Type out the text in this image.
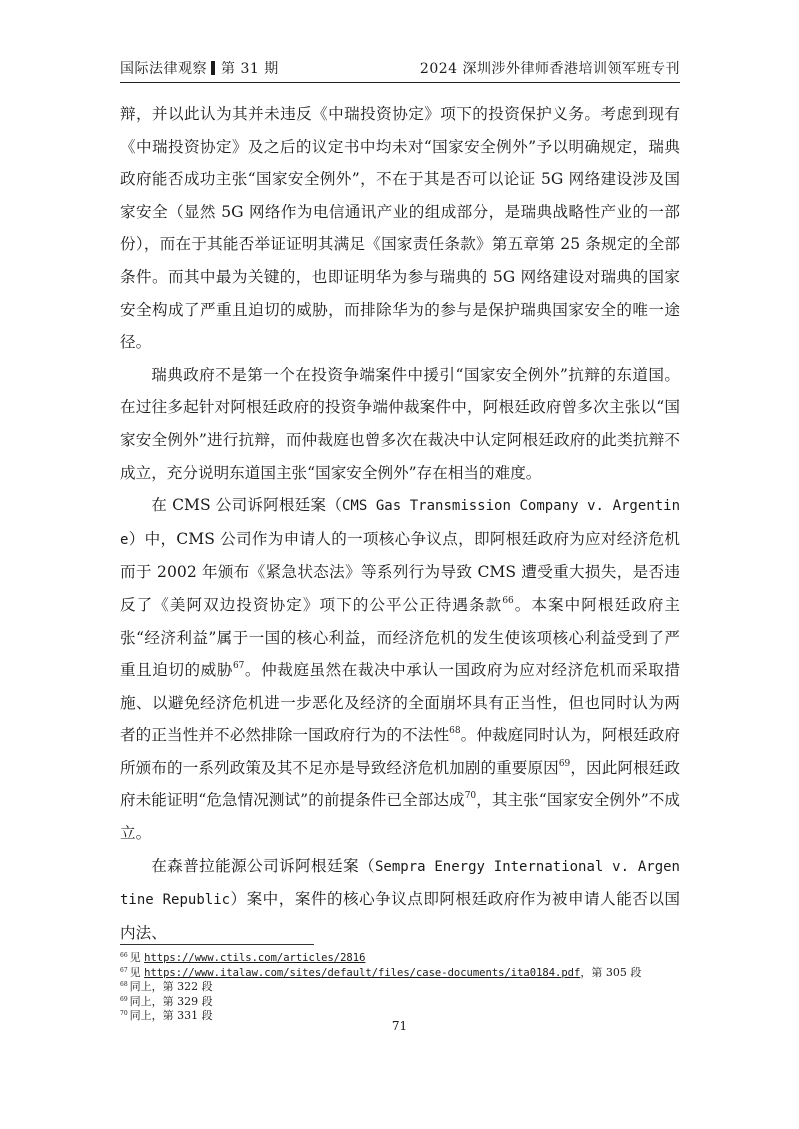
国际法律观察 第 31 期	2024 深圳涉外律师香港培训领军班专刊

辩，并以此认为其并未违反《中瑞投资协定》项下的投资保护义务。考虑到现有《中瑞投资协定》及之后的议定书中均未对“国家安全例外”予以明确规定，瑞典政府能否成功主张“国家安全例外”，不在于其是否可以论证 5G 网络建设涉及国家安全（显然 5G 网络作为电信通讯产业的组成部分，是瑞典战略性产业的一部份），而在于其能否举证证明其满足《国家责任条款》第五章第 25 条规定的全部条件。而其中最为关键的，也即证明华为参与瑞典的 5G 网络建设对瑞典的国家安全构成了严重且迫切的威胁，而排除华为的参与是保护瑞典国家安全的唯一途径。

瑞典政府不是第一个在投资争端案件中援引“国家安全例外”抗辩的东道国。在过往多起针对阿根廷政府的投资争端仲裁案件中，阿根廷政府曾多次主张以“国家安全例外”进行抗辩，而仲裁庭也曾多次在裁决中认定阿根廷政府的此类抗辩不成立，充分说明东道国主张“国家安全例外”存在相当的难度。

在 CMS 公司诉阿根廷案（CMS Gas Transmission Company v. Argentine）中，CMS 公司作为申请人的一项核心争议点，即阿根廷政府为应对经济危机而于 2002 年颁布《紧急状态法》等系列行为导致 CMS 遭受重大损失，是否违反了《美阿双边投资协定》项下的公平公正待遇条款$^{66}$。本案中阿根廷政府主张“经济利益”属于一国的核心利益，而经济危机的发生使该项核心利益受到了严重且迫切的威胁$^{67}$。仲裁庭虽然在裁决中承认一国政府为应对经济危机而采取措施、以避免经济危机进一步恶化及经济的全面崩坏具有正当性，但也同时认为两者的正当性并不必然排除一国政府行为的不法性$^{68}$。仲裁庭同时认为，阿根廷政府所颁布的一系列政策及其不足亦是导致经济危机加剧的重要原因$^{69}$，因此阿根廷政府未能证明“危急情况测试”的前提条件已全部达成$^{70}$，其主张“国家安全例外”不成立。

在森普拉能源公司诉阿根廷案（Sempra Energy International v. Argentine Republic）案中，案件的核心争议点即阿根廷政府作为被申请人能否以国内法、

$^{66}$ 见 https://www.ctils.com/articles/2816
$^{67}$ 见 https://www.italaw.com/sites/default/files/case-documents/ita0184.pdf，第 305 段
$^{68}$ 同上，第 322 段
$^{69}$ 同上，第 329 段
$^{70}$ 同上，第 331 段
71
